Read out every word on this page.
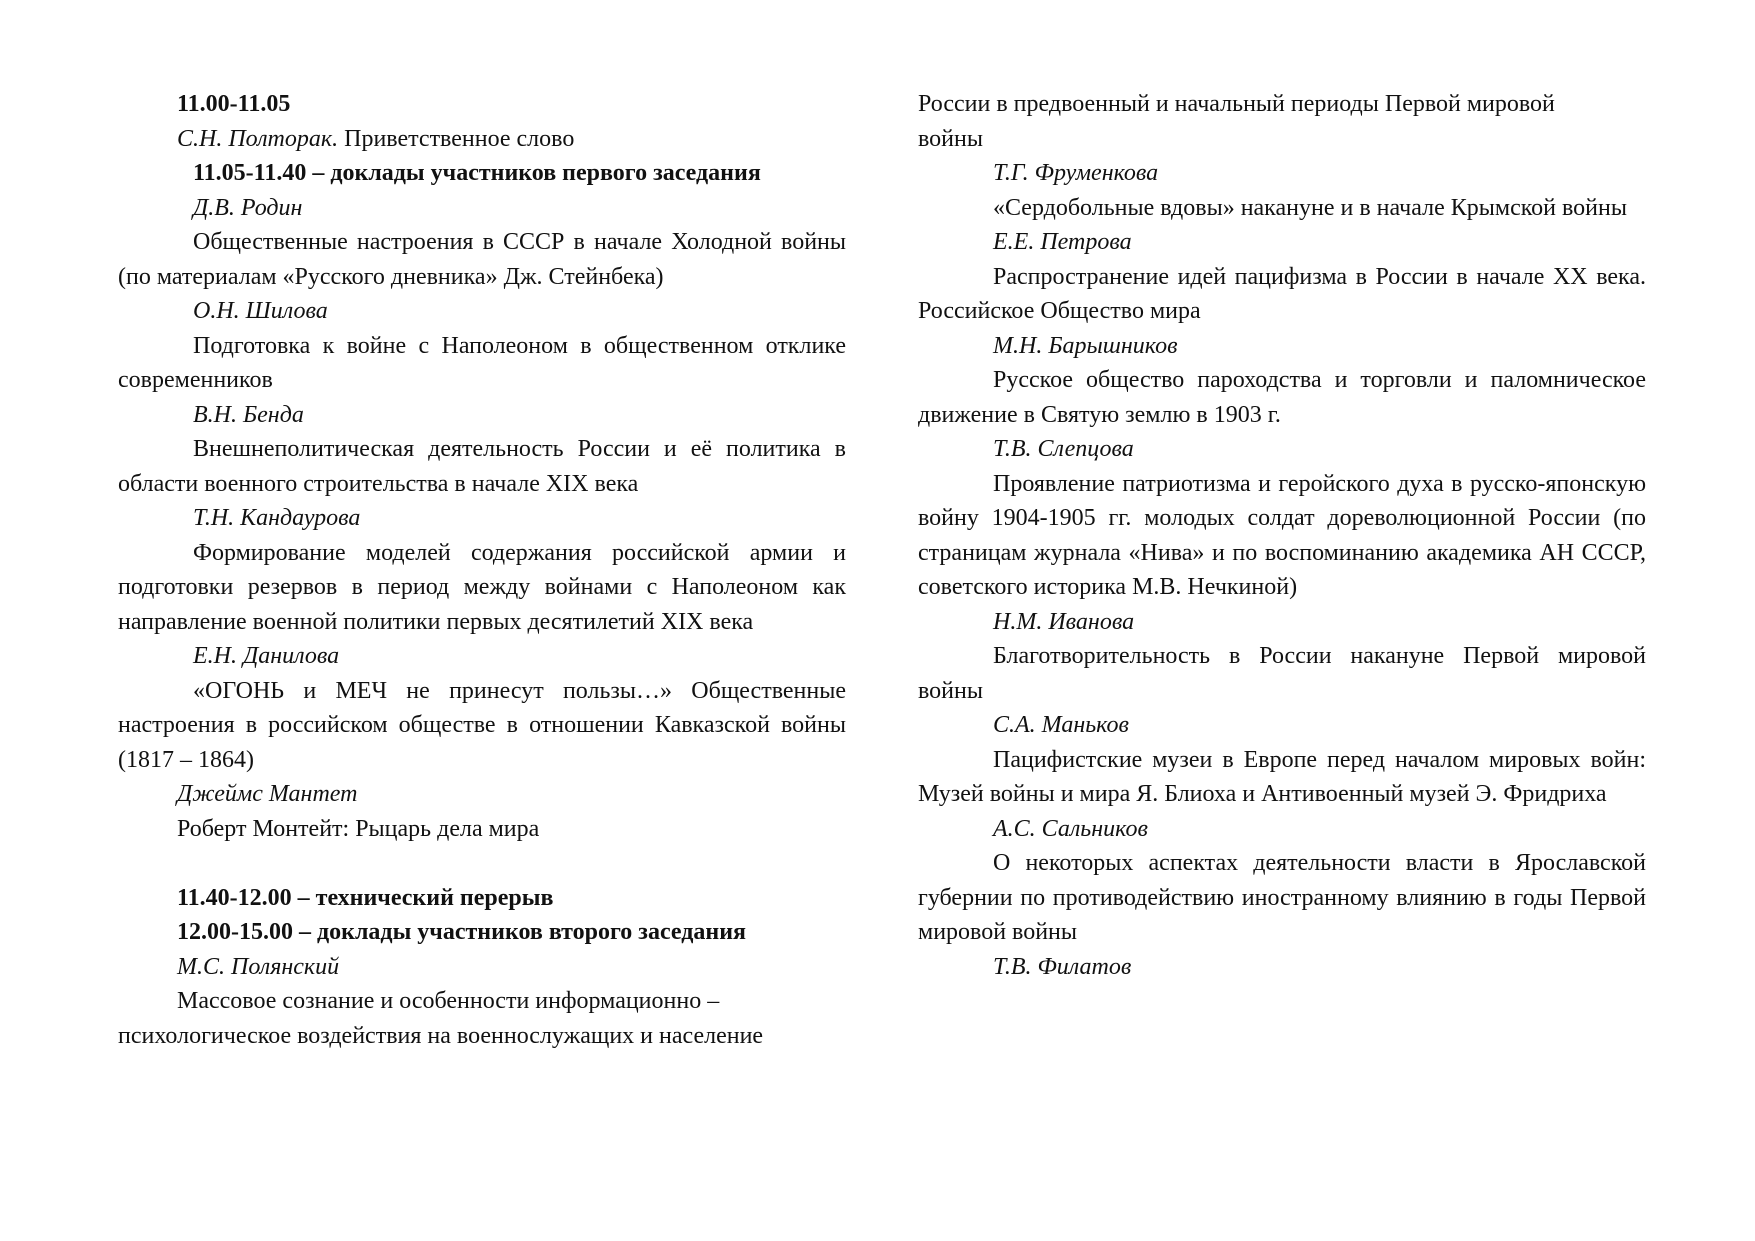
11.00-11.05

С.Н. Полторак. Приветственное слово

11.05-11.40 – доклады участников первого заседания

Д.В. Родин

Общественные настроения в СССР в начале Холодной войны (по материалам «Русского дневника» Дж. Стейнбека)

О.Н. Шилова

Подготовка к войне с Наполеоном в общественном отклике современников

В.Н. Бенда

Внешнеполитическая деятельность России и её политика в области военного строительства в начале XIX века

Т.Н. Кандаурова

Формирование моделей содержания российской армии и подготовки резервов в период между войнами с Наполеоном как направление военной политики первых десятилетий XIX века

Е.Н. Данилова

«ОГОНЬ и МЕЧ не принесут пользы…» Общественные настроения в российском обществе в отношении Кавказской войны (1817 – 1864)

Джеймс Мантет

Роберт Монтейт: Рыцарь дела мира

11.40-12.00 – технический перерыв

12.00-15.00 – доклады участников второго заседания

М.С. Полянский

Массовое сознание и особенности информационно –

психологическое воздействия на военнослужащих и население

России в предвоенный и начальный периоды Первой мировой

войны

Т.Г. Фруменкова

«Сердобольные вдовы» накануне и в начале Крымской войны

Е.Е. Петрова

Распространение идей пацифизма в России в начале XX века. Российское Общество мира

М.Н. Барышников

Русское общество пароходства и торговли и паломническое движение в Святую землю в 1903 г.

Т.В. Слепцова

Проявление патриотизма и геройского духа в русско-японскую войну 1904-1905 гг. молодых солдат дореволюционной России (по страницам журнала «Нива» и по воспоминанию академика АН СССР, советского историка М.В. Нечкиной)

Н.М. Иванова

Благотворительность в России накануне Первой мировой войны

С.А. Маньков

Пацифистские музеи в Европе перед началом мировых войн: Музей войны и мира Я. Блиоха и Антивоенный музей Э. Фридриха

А.С. Сальников

О некоторых аспектах деятельности власти в Ярославской губернии по противодействию иностранному влиянию в годы Первой мировой войны

Т.В. Филатов
